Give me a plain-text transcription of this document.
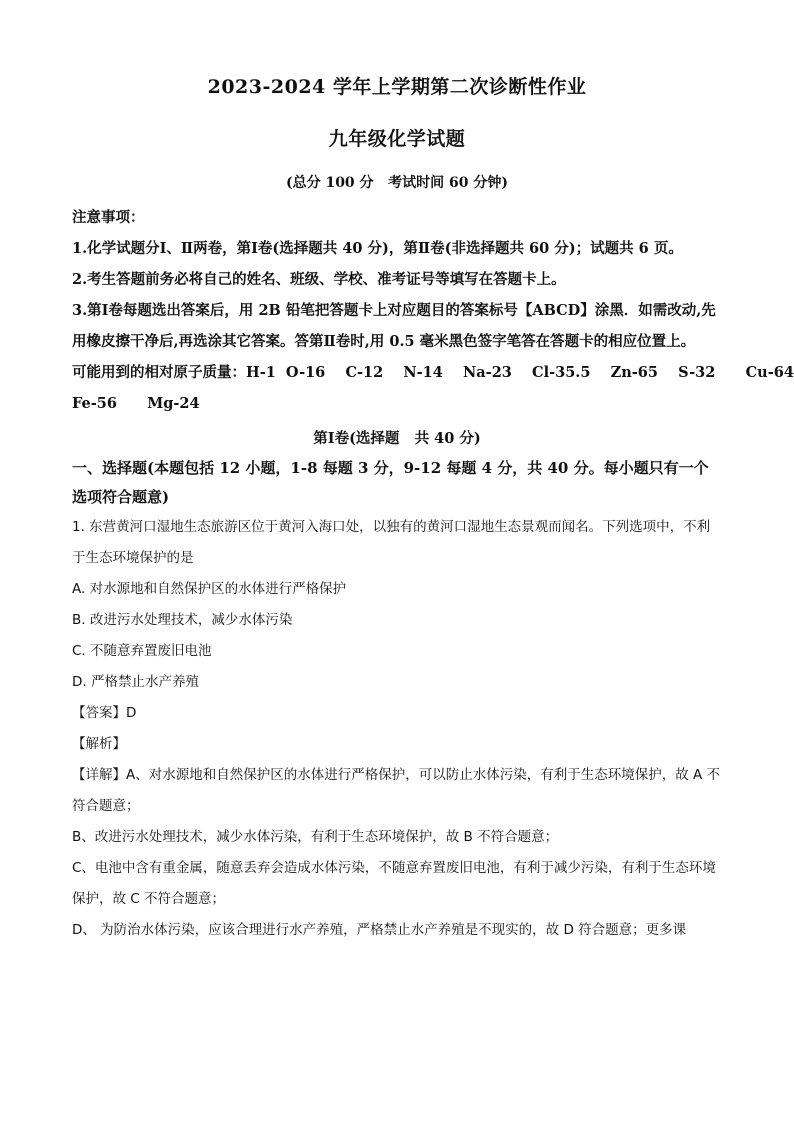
2023-2024 学年上学期第二次诊断性作业
九年级化学试题
(总分 100 分   考试时间 60 分钟)

注意事项：

1.化学试题分Ⅰ、Ⅱ两卷，第Ⅰ卷(选择题共 40 分)，第Ⅱ卷(非选择题共 60 分)；试题共 6 页。

2.考生答题前务必将自己的姓名、班级、学校、准考证号等填写在答题卡上。

3.第Ⅰ卷每题选出答案后，用 2B 铅笔把答题卡上对应题目的答案标号【ABCD】涂黑．如需改动,先用橡皮擦干净后,再选涂其它答案。答第Ⅱ卷时,用 0.5 毫米黑色签字笔答在答题卡的相应位置上。

可能用到的相对原子质量：H-1  O-16    C-12    N-14    Na-23    Cl-35.5    Zn-65    S-32      Cu-64

Fe-56      Mg-24

第Ⅰ卷(选择题   共 40 分)
一、选择题(本题包括 12 小题，1-8 每题 3 分，9-12 每题 4 分，共 40 分。每小题只有一个选项符合题意)

1. 东营黄河口湿地生态旅游区位于黄河入海口处，以独有的黄河口湿地生态景观而闻名。下列选项中，不利于生态环境保护的是

A. 对水源地和自然保护区的水体进行严格保护

B. 改进污水处理技术，减少水体污染

C. 不随意弃置废旧电池

D. 严格禁止水产养殖

【答案】D

【解析】

【详解】A、对水源地和自然保护区的水体进行严格保护，可以防止水体污染，有利于生态环境保护，故 A 不符合题意；

B、改进污水处理技术，减少水体污染，有利于生态环境保护，故 B 不符合题意；

C、电池中含有重金属，随意丢弃会造成水体污染，不随意弃置废旧电池，有利于减少污染，有利于生态环境保护，故 C 不符合题意；

D、 为防治水体污染，应该合理进行水产养殖，严格禁止水产养殖是不现实的，故 D 符合题意；更多课
